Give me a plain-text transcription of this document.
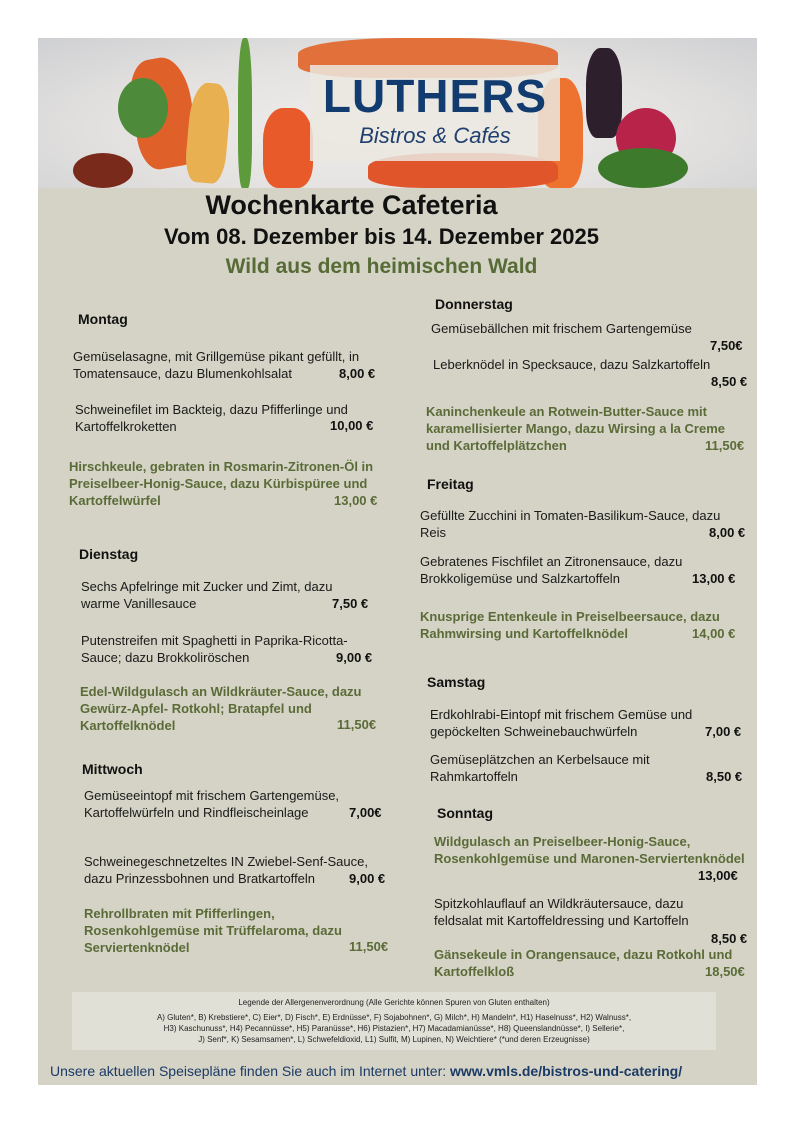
LUTHERS
Bistros & Cafés
Wochenkarte Cafeteria
Vom 08. Dezember bis 14. Dezember 2025
Wild aus dem heimischen Wald
Montag
Gemüselasagne, mit Grillgemüse pikant gefüllt, in
Tomatensauce, dazu Blumenkohlsalat	8,00 €
Schweinefilet im Backteig, dazu Pfifferlinge und
Kartoffelkroketten	10,00 €
Hirschkeule, gebraten in Rosmarin-Zitronen-Öl in
Preiselbeer-Honig-Sauce, dazu Kürbispüree und
Kartoffelwürfel	13,00 €
Dienstag
Sechs Apfelringe mit Zucker und Zimt, dazu
warme Vanillesauce	7,50 €
Putenstreifen mit Spaghetti in Paprika-Ricotta-
Sauce; dazu Brokkoliröschen	9,00 €
Edel-Wildgulasch an Wildkräuter-Sauce, dazu
Gewürz-Apfel- Rotkohl; Bratapfel und
Kartoffelknödel	11,50€
Mittwoch
Gemüseeintopf mit frischem Gartengemüse,
Kartoffelwürfeln und Rindfleischeinlage	7,00€
Schweinegeschnetzeltes IN Zwiebel-Senf-Sauce,
dazu Prinzessbohnen und Bratkartoffeln	9,00 €
Rehrollbraten mit Pfifferlingen,
Rosenkohlgemüse mit Trüffelaroma, dazu
Serviertenknödel	11,50€
Donnerstag
Gemüsebällchen mit frischem Gartengemüse
7,50€
Leberknödel in Specksauce, dazu Salzkartoffeln
8,50 €
Kaninchenkeule an Rotwein-Butter-Sauce mit
karamellisierter Mango, dazu Wirsing a la Creme
und Kartoffelplätzchen	11,50€
Freitag
Gefüllte Zucchini in Tomaten-Basilikum-Sauce, dazu
Reis	8,00 €
Gebratenes Fischfilet an Zitronensauce, dazu
Brokkoligemüse und Salzkartoffeln	13,00 €
Knusprige Entenkeule in Preiselbeersauce, dazu
Rahmwirsing und Kartoffelknödel	14,00 €
Samstag
Erdkohlrabi-Eintopf mit frischem Gemüse und
gepöckelten Schweinebauchwürfeln	7,00 €
Gemüseplätzchen an Kerbelsauce mit
Rahmkartoffeln	8,50 €
Sonntag
Wildgulasch an Preiselbeer-Honig-Sauce,
Rosenkohlgemüse und Maronen-Serviertenknödel
13,00€
Spitzkohlauflauf an Wildkräutersauce, dazu
feldsalat mit Kartoffeldressing und Kartoffeln
8,50 €
Gänsekeule in Orangensauce, dazu Rotkohl und
Kartoffelkloß	18,50€
Legende der Allergenenverordnung (Alle Gerichte können Spuren von Gluten enthalten)
A) Gluten*, B) Krebstiere*, C) Eier*, D) Fisch*, E) Erdnüsse*, F) Sojabohnen*, G) Milch*, H) Mandeln*, H1) Haselnuss*, H2) Walnuss*,
H3) Kaschunuss*, H4) Pecannüsse*, H5) Paranüsse*, H6) Pistazien*, H7) Macadamianüsse*, H8) Queenslandnüsse*, I) Sellerie*,
J) Senf*, K) Sesamsamen*, L) Schwefeldioxid, L1) Sulfit, M) Lupinen, N) Weichtiere* (*und deren Erzeugnisse)
Unsere aktuellen Speisepläne finden Sie auch im Internet unter: www.vmls.de/bistros-und-catering/
